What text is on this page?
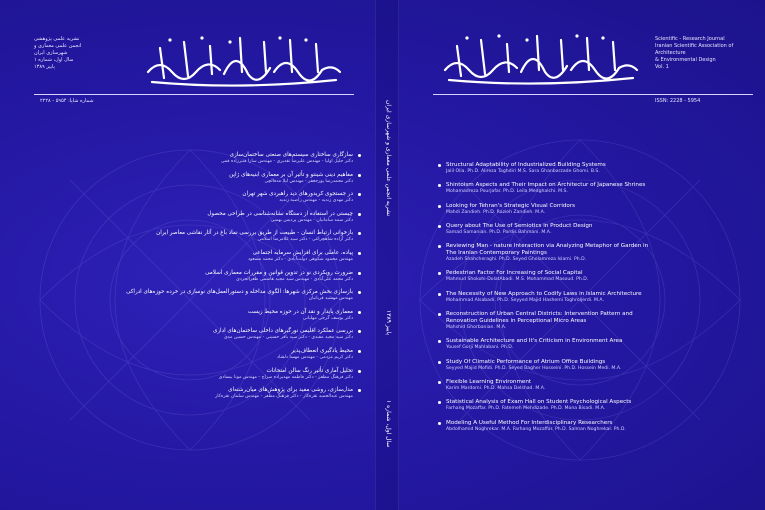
نشریه علمی پژوهشی
انجمن علمی معماری و شهرسازی ایران
سال اول، شماره ۱
پاییز ۱۳۸۹
شماره شاپا: ۵۹۵۴ - ۲۲۲۸
سازگاری ساختاری سیستم‌های صنعتی ساختمان‌سازی
دکتر جلیل اولیا - مهندس علیرضا تقدیری - مهندس سارا قنبرزاده قمی
مفاهیم دینی شینتو و تأثیر آن بر معماری ابنیه‌های ژاپن
دکتر محمدرضا پورجعفر - مهندس لیلا مدقالچی
در جستجوی کریدورهای دید راهبردی شهر تهران
دکتر مهدی زندیه - مهندس راضیه زندیه
چیستی در استفاده از دستگاه نشانه‌شناسی در طراحی محصول
دکتر صمد سامانیان - مهندس پردیس بهمنی
بازخوانی ارتباط انسان - طبیعت از طریق بررسی نماد باغ در آثار نقاشی معاصر ایران
دکتر آزاده شاهچراغی - دکتر سید غلامرضا اسلامی
پیاده، عاملی برای افزایش سرمایه اجتماعی
مهندس محمود شکوهی دولت‌آبادی - دکتر محمد مسعود
ضرورت رویکردی نو در تدوین قوانین و مقررات معماری اسلامی
دکتر محمد علی‌آبادی - مهندس سید مجید هاشمی طغرالجردی
بازسازی بخش مرکزی شهرها: الگوی مداخله و دستورالعمل‌های نوسازی در خرده حوزه‌های ادراکی
مهندس مهشید قربانیان
معماری پایدار و نقد آن در حوزه محیط زیست
دکتر یوسف گرجی مهلبانی
بررسی عملکرد اقلیمی نورگیرهای داخلی ساختمان‌های اداری
دکتر سید مجید مفیدی - دکتر سید باقر حسینی - مهندس حسین مدی
محیط یادگیری انعطاف‌پذیر
دکتر کریم مردمی - مهندس مهسا دلشاد
تحلیل آماری تأثیر رنگ سالن امتحانات
دکتر فرهنگ مظفر - دکتر فاطمه مهدیزاده سراج - مهندس مونا بیسادی
مدل‌سازی، روشی مفید برای پژوهش‌های میان‌رشته‌ای
مهندس عبدالحمید نقره‌کار - دکتر فرهنگ مظفر - مهندس سلمان نقره‌کار
نشریه انجمن علمی معماری و شهرسازی ایران
پاییز ۱۳۸۹
سال اول، شماره ۱
Scientific - Research Journal
Iranian Scientific Association of Architecture
& Environmental Design
Vol. 1
ISSN: 2228 - 5954
Structural Adaptability of Industrialized Building Systems
Jalil Olia. Ph.D. Alireza Taghdiri M.S. Sara Ghanbarzade Ghomi. B.S.
Shintoism Aspects and Their Impact on Architectur of Japanese Shrines
Mohamadreza Pourjafar. Ph.D. Leila Medghalchi. M.S.
Looking for Tehran's Strategic Visual Corridors
Mahdi Zandieh. Ph.D. Razieh Zandieh. M.A.
Query about The Use of Semiotics in Product Design
Samad Samanian. Ph.D. Pardis Bahmani. M.A.
Reviewing Man - nature Interaction via Analyzing Metaphor of Garden in
The Iranian Contemporary Paintings
Azadeh Shahcheraghi. Ph.D. Seyed Gholamreza Islami. Ph.D.
Pedestrian Factor For Increasing of Social Capital
Mahmud Shokohi-DolatAbadi. M.S. Mohammad Masoud. Ph.D.
The Necessity of New Approach to Codify Laws in Islamic Architecture
Mohammad Alsabadi. Ph.D. Seyyed Majid Hashemi Toghroljerdi. M.A.
Reconstruction of Urban Central Districts: Intervention Pattern and
Renovation Guidelines in Perceptional Micro Areas
Mahshid Ghorbanian. M.A.
Sustainable Architecture and It's Criticism in Environment Area
Yousef Gorji Mahlabani. Ph.D.
Study Of Climatic Performance of Atrium Office Buildings
Seyyed Majid Mofidi. Ph.D. Seyed Bagher Hosseini. Ph.D. Hossein Medi. M.A.
Flexible Learning Environment
Karim Mardomi. Ph.D. Mahsa Delshad. M.A.
Statistical Analysis of Exam Hall on Student Psychological Aspects
Farhang Mozaffar. Ph.D. Fatemeh Mehdizade. Ph.D. Mona Bisadi. M.A.
Modeling A Useful Method For Interdisciplinary Researchers
Abdolhamid Noghrekar. M.A. Farhang Mozaffar. Ph.D. Salman Noghrekar. Ph.D.
